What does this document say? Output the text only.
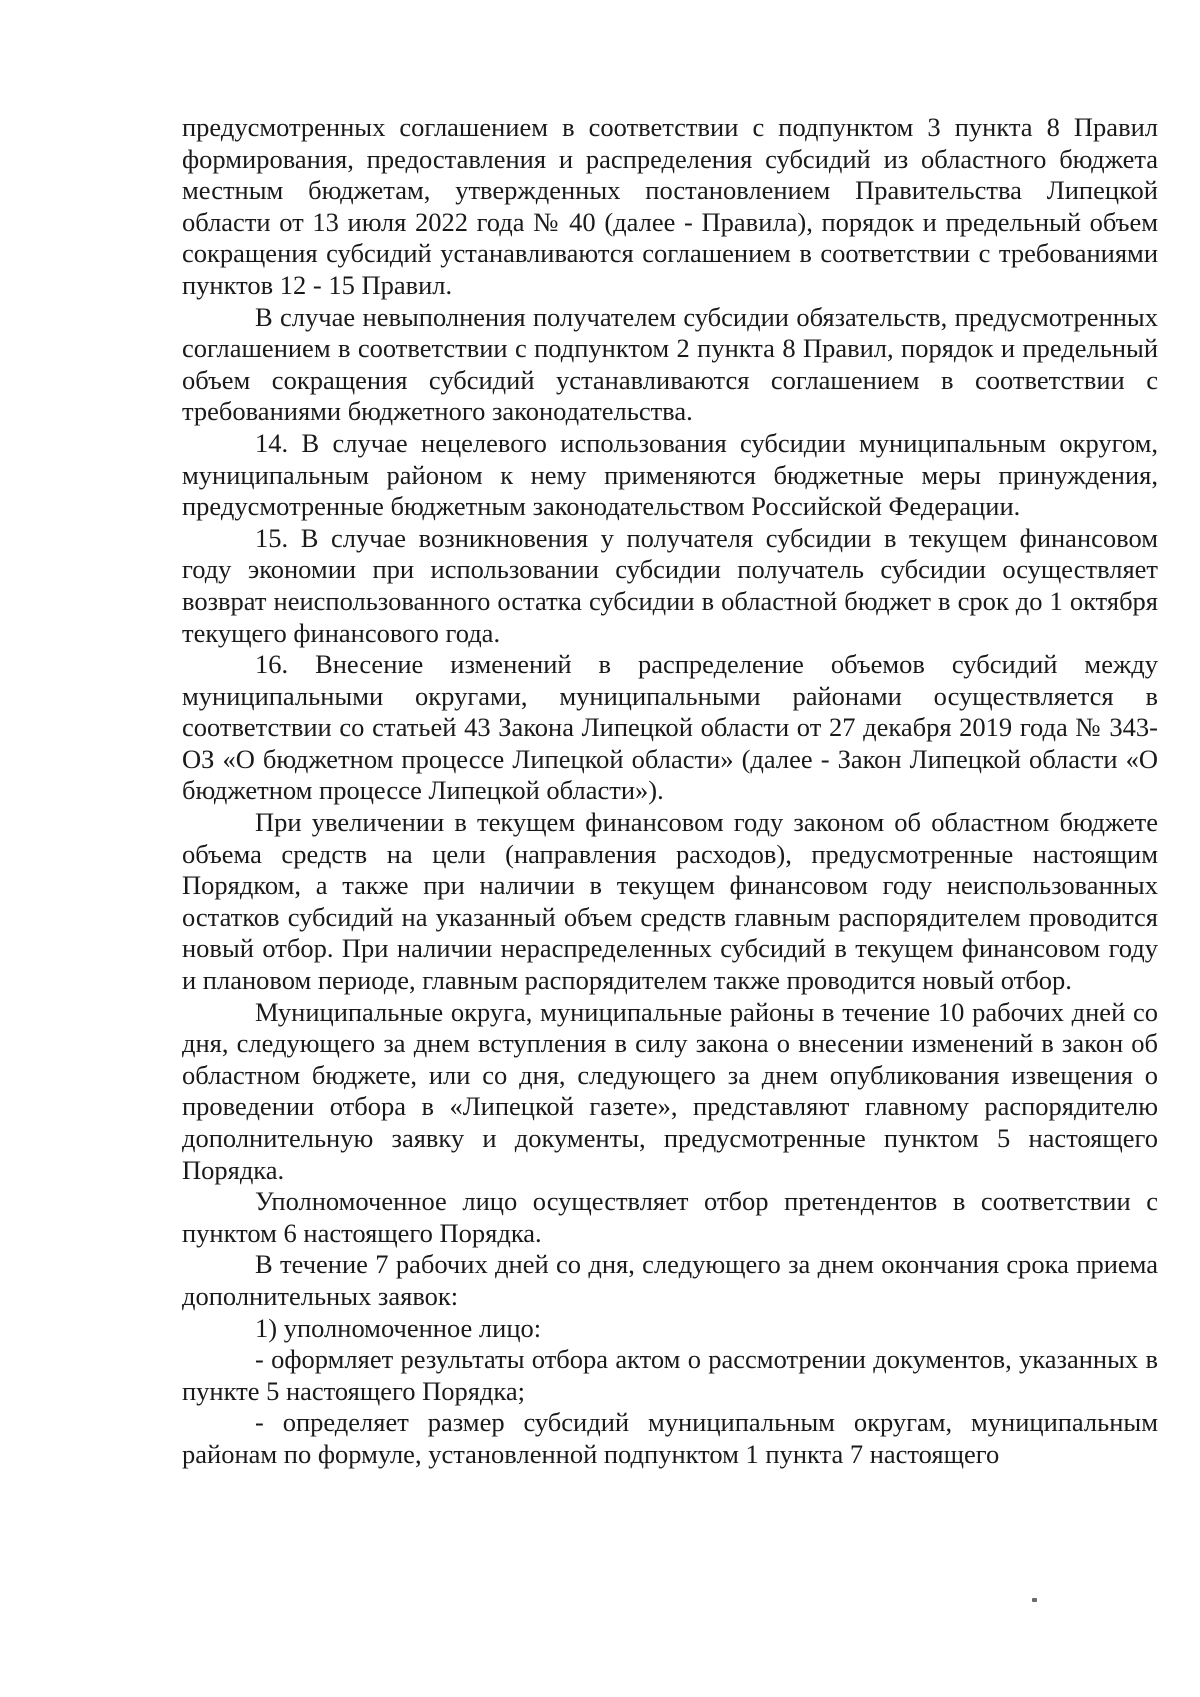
предусмотренных соглашением в соответствии с подпунктом 3 пункта 8 Правил формирования, предоставления и распределения субсидий из областного бюджета местным бюджетам, утвержденных постановлением Правительства Липецкой области от 13 июля 2022 года № 40 (далее - Правила), порядок и предельный объем сокращения субсидий устанавливаются соглашением в соответствии с требованиями пунктов 12 - 15 Правил.

В случае невыполнения получателем субсидии обязательств, предусмотренных соглашением в соответствии с подпунктом 2 пункта 8 Правил, порядок и предельный объем сокращения субсидий устанавливаются соглашением в соответствии с требованиями бюджетного законодательства.

14. В случае нецелевого использования субсидии муниципальным округом, муниципальным районом к нему применяются бюджетные меры принуждения, предусмотренные бюджетным законодательством Российской Федерации.

15. В случае возникновения у получателя субсидии в текущем финансовом году экономии при использовании субсидии получатель субсидии осуществляет возврат неиспользованного остатка субсидии в областной бюджет в срок до 1 октября текущего финансового года.

16. Внесение изменений в распределение объемов субсидий между муниципальными округами, муниципальными районами осуществляется в соответствии со статьей 43 Закона Липецкой области от 27 декабря 2019 года № 343-ОЗ «О бюджетном процессе Липецкой области» (далее - Закон Липецкой области «О бюджетном процессе Липецкой области»).

При увеличении в текущем финансовом году законом об областном бюджете объема средств на цели (направления расходов), предусмотренные настоящим Порядком, а также при наличии в текущем финансовом году неиспользованных остатков субсидий на указанный объем средств главным распорядителем проводится новый отбор. При наличии нераспределенных субсидий в текущем финансовом году и плановом периоде, главным распорядителем также проводится новый отбор.

Муниципальные округа, муниципальные районы в течение 10 рабочих дней со дня, следующего за днем вступления в силу закона о внесении изменений в закон об областном бюджете, или со дня, следующего за днем опубликования извещения о проведении отбора в «Липецкой газете», представляют главному распорядителю дополнительную заявку и документы, предусмотренные пунктом 5 настоящего Порядка.

Уполномоченное лицо осуществляет отбор претендентов в соответствии с пунктом 6 настоящего Порядка.

В течение 7 рабочих дней со дня, следующего за днем окончания срока приема дополнительных заявок:

1) уполномоченное лицо:

- оформляет результаты отбора актом о рассмотрении документов, указанных в пункте 5 настоящего Порядка;

- определяет размер субсидий муниципальным округам, муниципальным районам по формуле, установленной подпунктом 1 пункта 7 настоящего
